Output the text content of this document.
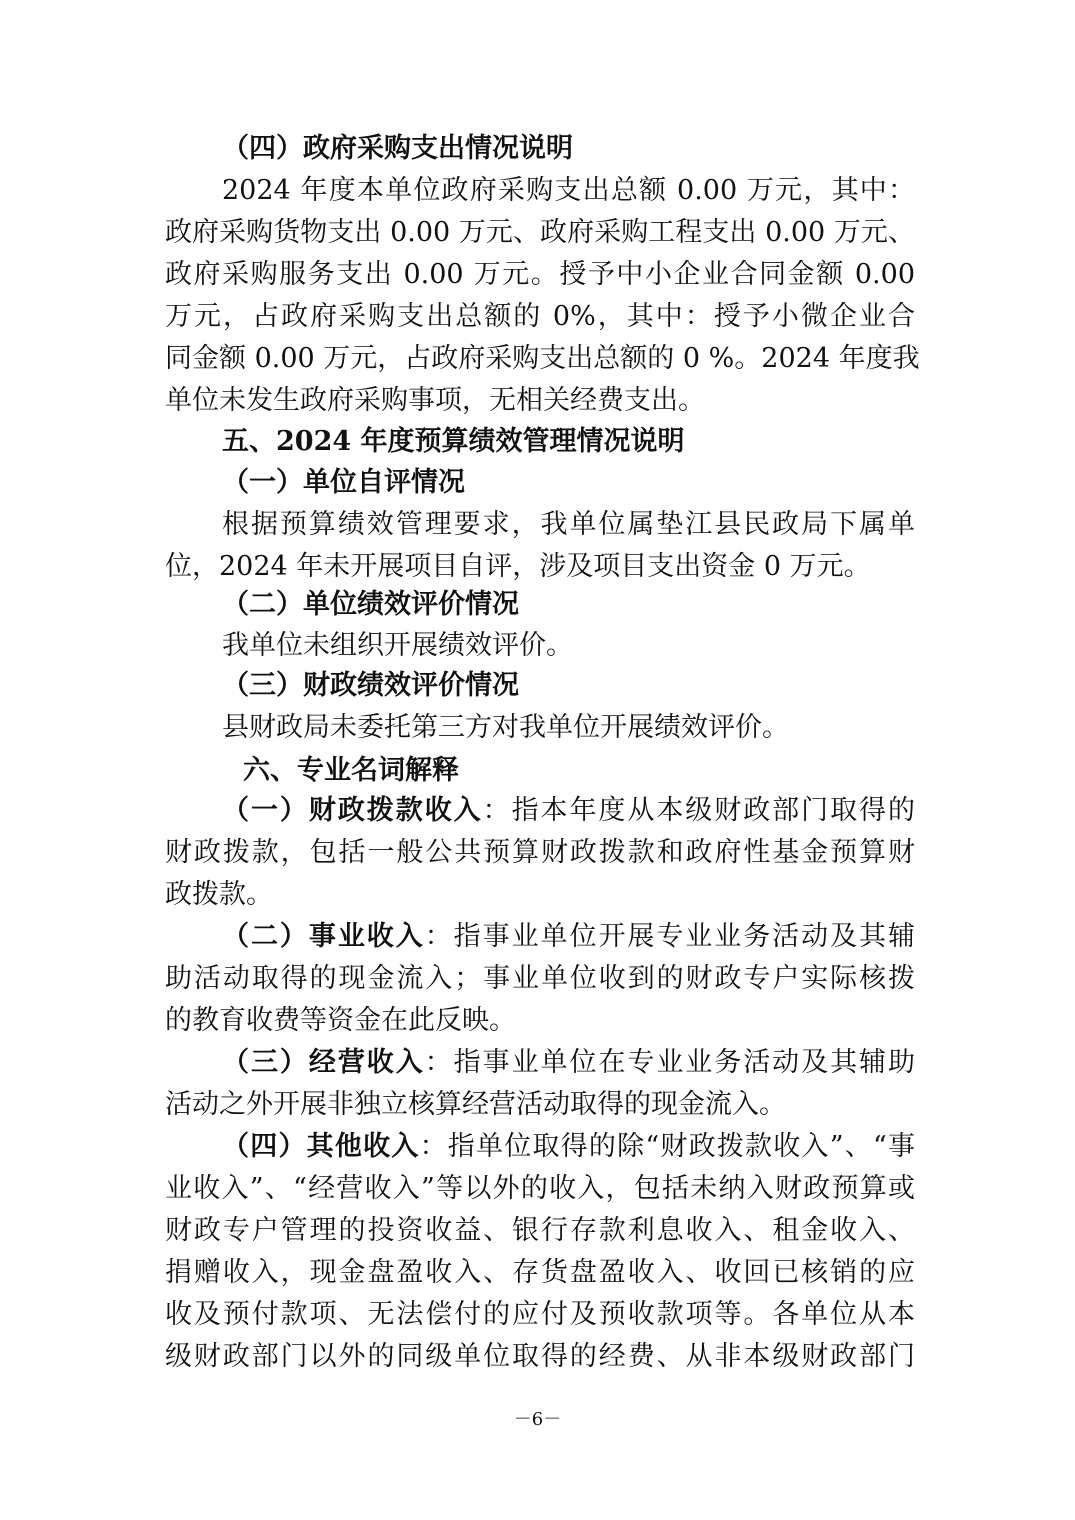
（四）政府采购支出情况说明
2024 年度本单位政府采购支出总额 0.00 万元，其中：
政府采购货物支出 0.00 万元、政府采购工程支出 0.00 万元、
政府采购服务支出 0.00 万元。授予中小企业合同金额 0.00
万元，占政府采购支出总额的 0%，其中：授予小微企业合
同金额 0.00 万元，占政府采购支出总额的 0 %。2024 年度我
单位未发生政府采购事项，无相关经费支出。
五、2024 年度预算绩效管理情况说明
（一）单位自评情况
根据预算绩效管理要求，我单位属垫江县民政局下属单
位，2024 年未开展项目自评，涉及项目支出资金 0 万元。
（二）单位绩效评价情况
我单位未组织开展绩效评价。
（三）财政绩效评价情况
县财政局未委托第三方对我单位开展绩效评价。
六、专业名词解释
（一）财政拨款收入：指本年度从本级财政部门取得的
财政拨款，包括一般公共预算财政拨款和政府性基金预算财
政拨款。
（二）事业收入：指事业单位开展专业业务活动及其辅
助活动取得的现金流入；事业单位收到的财政专户实际核拨
的教育收费等资金在此反映。
（三）经营收入：指事业单位在专业业务活动及其辅助
活动之外开展非独立核算经营活动取得的现金流入。
（四）其他收入：指单位取得的除“财政拨款收入”、“事
业收入”、“经营收入”等以外的收入，包括未纳入财政预算或
财政专户管理的投资收益、银行存款利息收入、租金收入、
捐赠收入，现金盘盈收入、存货盘盈收入、收回已核销的应
收及预付款项、无法偿付的应付及预收款项等。各单位从本
级财政部门以外的同级单位取得的经费、从非本级财政部门
－6－
